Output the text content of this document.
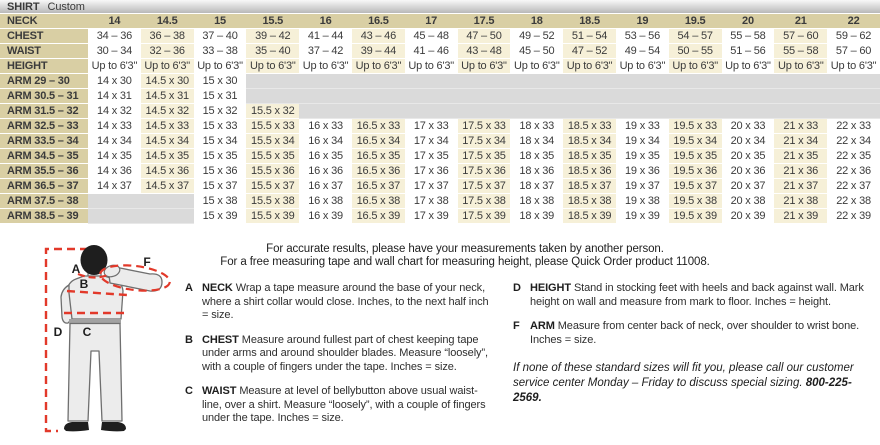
SHIRT Custom
NECK	14	14.5	15	15.5	16	16.5	17	17.5	18	18.5	19	19.5	20	21	22
CHEST	34 – 36	36 – 38	37 – 40	39 – 42	41 – 44	43 – 46	45 – 48	47 – 50	49 – 52	51 – 54	53 – 56	54 – 57	55 – 58	57 – 60	59 – 62
WAIST	30 – 34	32 – 36	33 – 38	35 – 40	37 – 42	39 – 44	41 – 46	43 – 48	45 – 50	47 – 52	49 – 54	50 – 55	51 – 56	55 – 58	57 – 60
HEIGHT	Up to 6'3"	Up to 6'3"	Up to 6'3"	Up to 6'3"	Up to 6'3"	Up to 6'3"	Up to 6'3"	Up to 6'3"	Up to 6'3"	Up to 6'3"	Up to 6'3"	Up to 6'3"	Up to 6'3"	Up to 6'3"	Up to 6'3"
ARM 29 – 30	14 x 30	14.5 x 30	15 x 30												
ARM 30.5 – 31	14 x 31	14.5 x 31	15 x 31												
ARM 31.5 – 32	14 x 32	14.5 x 32	15 x 32	15.5 x 32											
ARM 32.5 – 33	14 x 33	14.5 x 33	15 x 33	15.5 x 33	16 x 33	16.5 x 33	17 x 33	17.5 x 33	18 x 33	18.5 x 33	19 x 33	19.5 x 33	20 x 33	21 x 33	22 x 33
ARM 33.5 – 34	14 x 34	14.5 x 34	15 x 34	15.5 x 34	16 x 34	16.5 x 34	17 x 34	17.5 x 34	18 x 34	18.5 x 34	19 x 34	19.5 x 34	20 x 34	21 x 34	22 x 34
ARM 34.5 – 35	14 x 35	14.5 x 35	15 x 35	15.5 x 35	16 x 35	16.5 x 35	17 x 35	17.5 x 35	18 x 35	18.5 x 35	19 x 35	19.5 x 35	20 x 35	21 x 35	22 x 35
ARM 35.5 – 36	14 x 36	14.5 x 36	15 x 36	15.5 x 36	16 x 36	16.5 x 36	17 x 36	17.5 x 36	18 x 36	18.5 x 36	19 x 36	19.5 x 36	20 x 36	21 x 36	22 x 36
ARM 36.5 – 37	14 x 37	14.5 x 37	15 x 37	15.5 x 37	16 x 37	16.5 x 37	17 x 37	17.5 x 37	18 x 37	18.5 x 37	19 x 37	19.5 x 37	20 x 37	21 x 37	22 x 37
ARM 37.5 – 38			15 x 38	15.5 x 38	16 x 38	16.5 x 38	17 x 38	17.5 x 38	18 x 38	18.5 x 38	19 x 38	19.5 x 38	20 x 38	21 x 38	22 x 38
ARM 38.5 – 39			15 x 39	15.5 x 39	16 x 39	16.5 x 39	17 x 39	17.5 x 39	18 x 39	18.5 x 39	19 x 39	19.5 x 39	20 x 39	21 x 39	22 x 39
A
B
C
D
F
For accurate results, please have your measurements taken by another person.
For a free measuring tape and wall chart for measuring height, please Quick Order product 11008.
A NECK Wrap a tape measure around the base of your neck, where a shirt collar would close. Inches, to the next half inch = size.
B CHEST Measure around fullest part of chest keeping tape under arms and around shoulder blades. Measure “loosely”, with a couple of fingers under the tape. Inches = size.
C WAIST Measure at level of bellybutton above usual waist-line, over a shirt. Measure “loosely”, with a couple of fingers under the tape. Inches = size.
D HEIGHT Stand in stocking feet with heels and back against wall. Mark height on wall and measure from mark to floor. Inches = height.
F ARM Measure from center back of neck, over shoulder to wrist bone. Inches = size.
If none of these standard sizes will fit you, please call our customer service center Monday – Friday to discuss special sizing. 800-225-2569.
